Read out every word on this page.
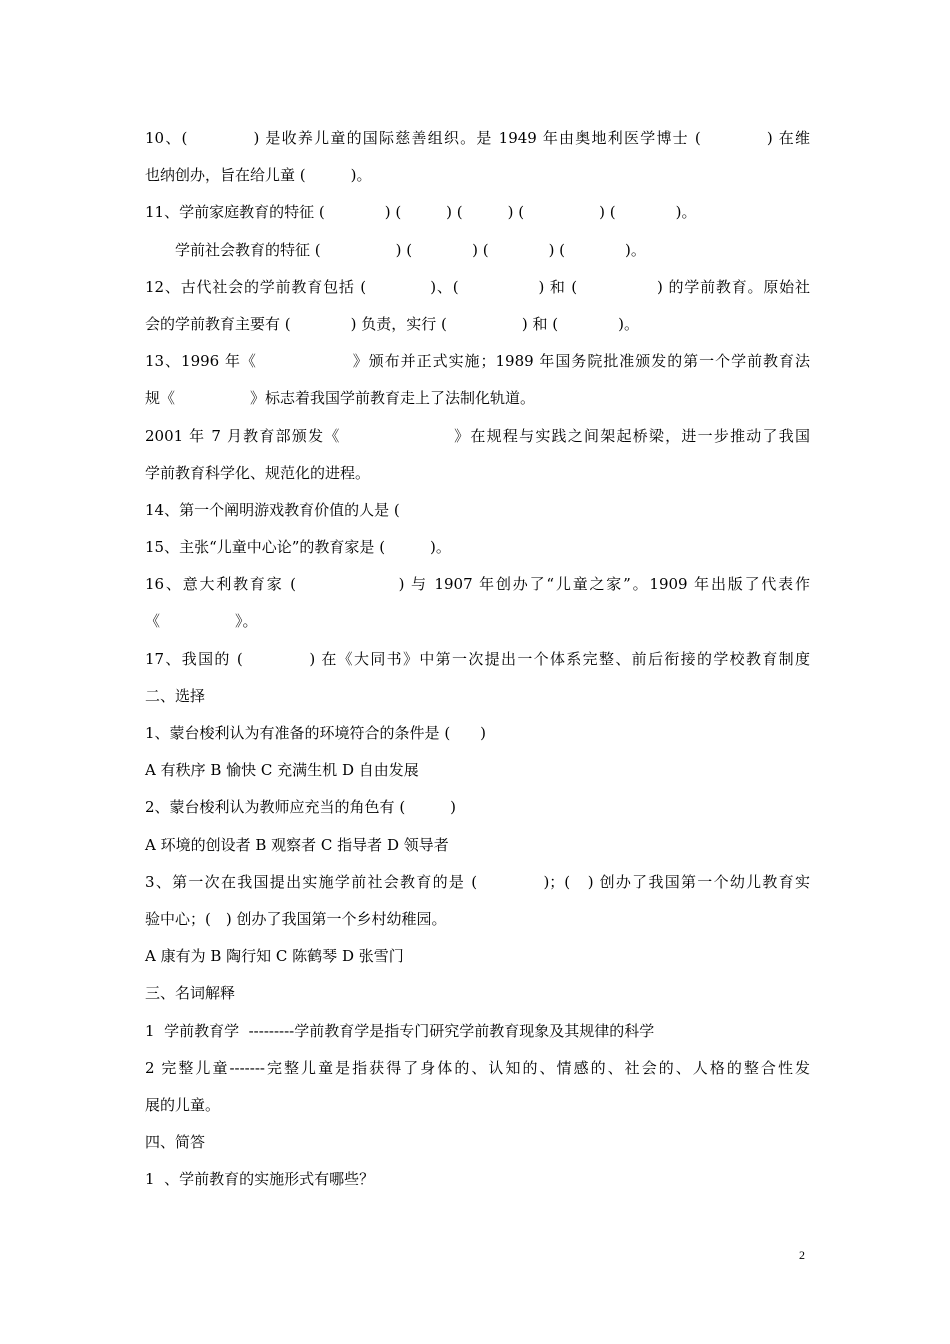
10、(　　　　) 是收养儿童的国际慈善组织。是 1949 年由奥地利医学博士 (　　　　) 在维
也纳创办，旨在给儿童 (　　　)。
11、学前家庭教育的特征 (　　　　) (　　　) (　　　) (　　　　　) (　　　　)。
　　学前社会教育的特征 (　　　　　) (　　　　) (　　　　) (　　　　)。
12、古代社会的学前教育包括 (　　　　)、(　　　　　) 和 (　　　　　) 的学前教育。原始社
会的学前教育主要有 (　　　　) 负责，实行 (　　　　　) 和 (　　　　)。
13、1996 年《　　　　　　》颁布并正式实施；1989 年国务院批准颁发的第一个学前教育法
规《　　　　　》标志着我国学前教育走上了法制化轨道。
2001 年 7 月教育部颁发《　　　　　　　》在规程与实践之间架起桥梁，进一步推动了我国
学前教育科学化、规范化的进程。
14、第一个阐明游戏教育价值的人是 (
15、主张“儿童中心论”的教育家是 (　　　)。
16、意大利教育家 (　　　　　　) 与 1907 年创办了“儿童之家”。1909 年出版了代表作
《　　　　　》。
17、我国的 (　　　　) 在《大同书》中第一次提出一个体系完整、前后衔接的学校教育制度
二、选择
1、蒙台梭利认为有准备的环境符合的条件是 (　　)
A 有秩序 B 愉快 C 充满生机 D 自由发展
2、蒙台梭利认为教师应充当的角色有 (　　　)
A 环境的创设者 B 观察者 C 指导者 D 领导者
3、第一次在我国提出实施学前社会教育的是 (　　　　)；(　) 创办了我国第一个幼儿教育实
验中心；(　) 创办了我国第一个乡村幼稚园。
A 康有为 B 陶行知 C 陈鹤琴 D 张雪门
三、名词解释
1  学前教育学  ---------学前教育学是指专门研究学前教育现象及其规律的科学
2 完整儿童-------完整儿童是指获得了身体的、认知的、情感的、社会的、人格的整合性发
展的儿童。
四、简答
1  、学前教育的实施形式有哪些？
2
